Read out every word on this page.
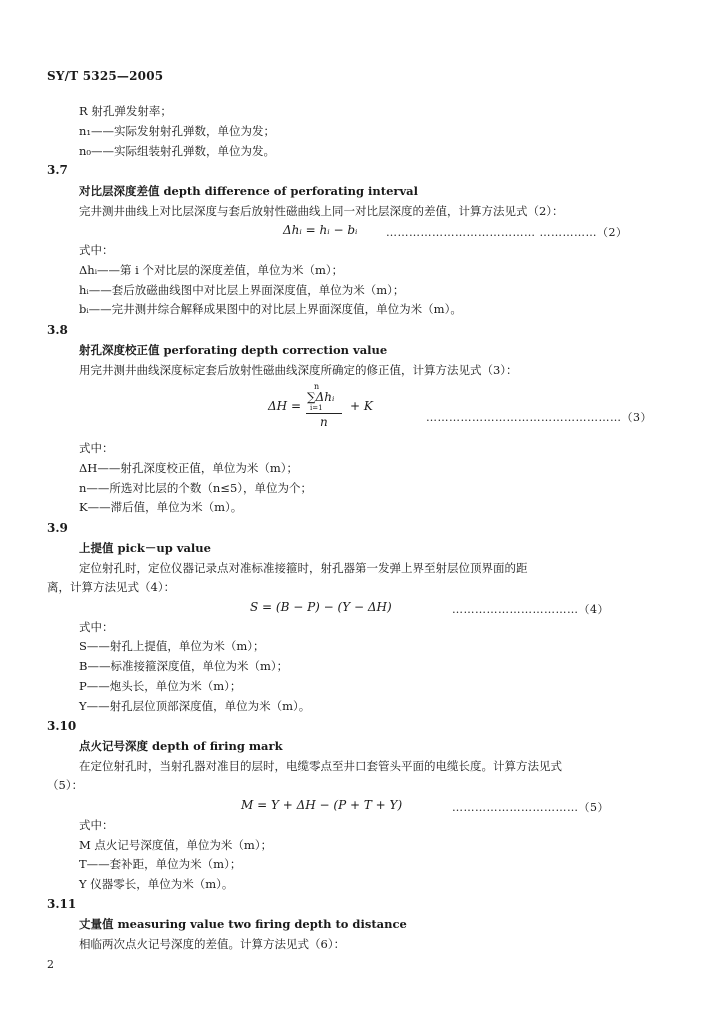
SY/T 5325—2005
R 射孔弹发射率；
n₁——实际发射射孔弹数，单位为发；
n₀——实际组装射孔弹数，单位为发。
3.7
对比层深度差值 depth difference of perforating interval
完井测井曲线上对比层深度与套后放射性磁曲线上同一对比层深度的差值，计算方法见式（2）：
式中：
Δhᵢ——第 i 个对比层的深度差值，单位为米（m）；
hᵢ——套后放磁曲线图中对比层上界面深度值，单位为米（m）；
bᵢ——完井测井综合解释成果图中的对比层上界面深度值，单位为米（m）。
3.8
射孔深度校正值 perforating depth correction value
用完井测井曲线深度标定套后放射性磁曲线深度所确定的修正值，计算方法见式（3）：
式中：
ΔH——射孔深度校正值，单位为米（m）；
n——所选对比层的个数（n≤5），单位为个；
K——滞后值，单位为米（m）。
3.9
上提值 pick－up value
定位射孔时，定位仪器记录点对准标准接箍时，射孔器第一发弹上界至射层位顶界面的距
离，计算方法见式（4）：
式中：
S——射孔上提值，单位为米（m）；
B——标准接箍深度值，单位为米（m）；
P——炮头长，单位为米（m）；
Y——射孔层位顶部深度值，单位为米（m）。
3.10
点火记号深度 depth of firing mark
在定位射孔时，当射孔器对准目的层时，电缆零点至井口套管头平面的电缆长度。计算方法见式
（5）：
式中：
M 点火记号深度值，单位为米（m）；
T——套补距，单位为米（m）；
Y 仪器零长，单位为米（m）。
3.11
丈量值 measuring value two firing depth to distance
相临两次点火记号深度的差值。计算方法见式（6）：
Δhᵢ = hᵢ − bᵢ	………………………………… ……………（2）
ΔH =
n
∑Δhᵢ
i=1
n
+ K
……………………………………………（3）
S = (B − P) − (Y − ΔH)	……………………………（4）
M = Y + ΔH − (P + T + Y)	……………………………（5）
2
